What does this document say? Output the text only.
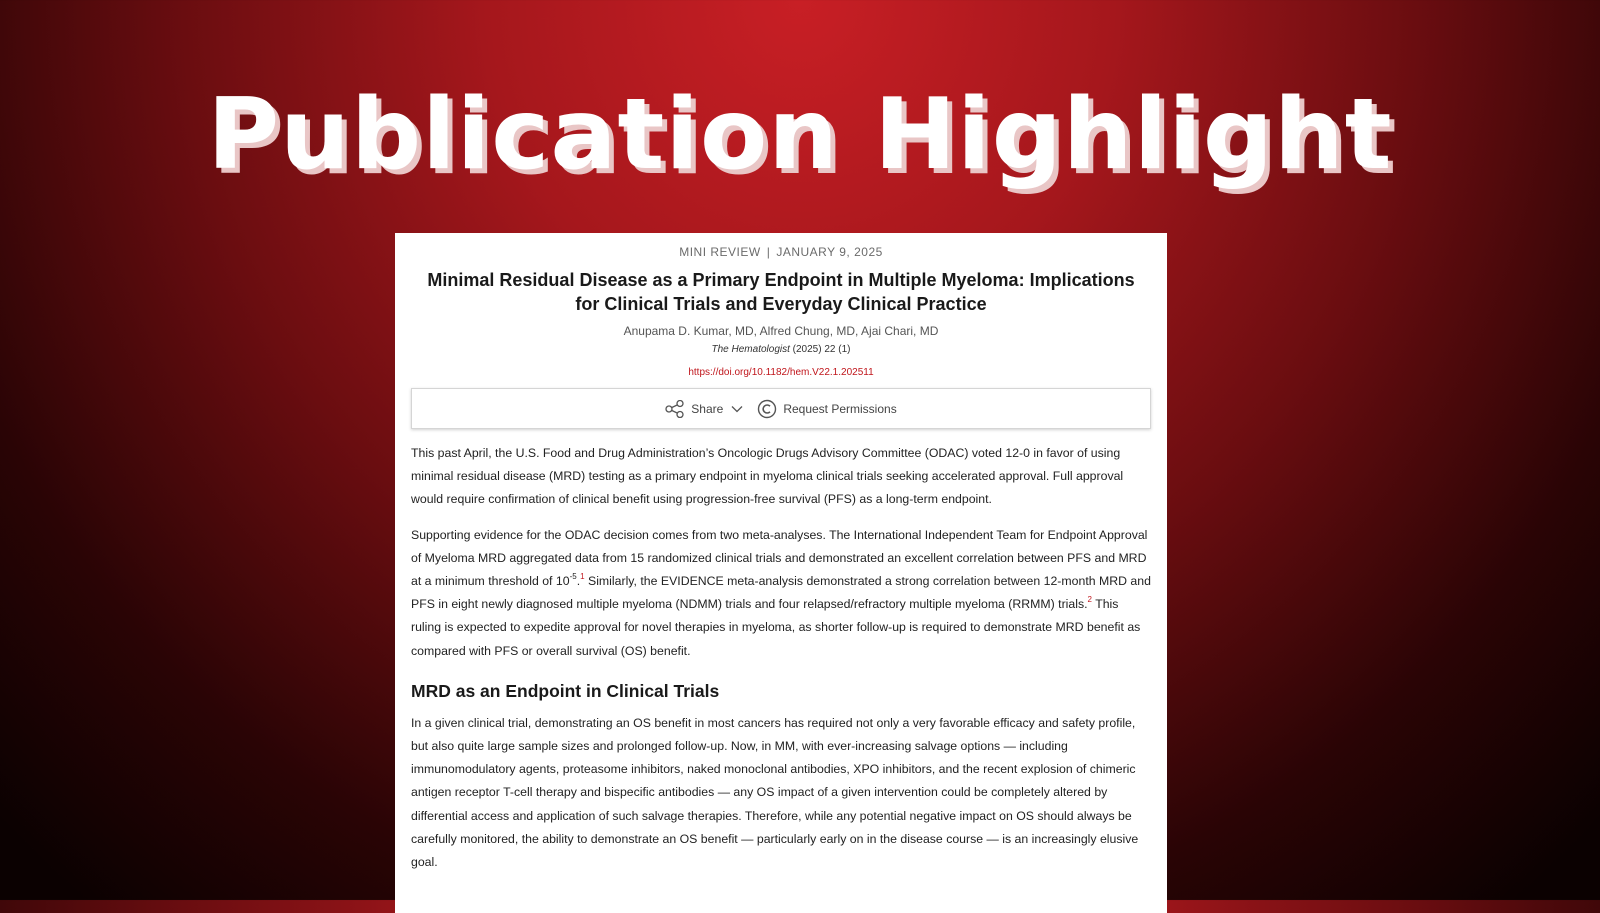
Publication Highlight
MINI REVIEW | JANUARY 9, 2025
Minimal Residual Disease as a Primary Endpoint in Multiple Myeloma: Implications for Clinical Trials and Everyday Clinical Practice
Anupama D. Kumar, MD, Alfred Chung, MD, Ajai Chari, MD
The Hematologist (2025) 22 (1)
https://doi.org/10.1182/hem.V22.1.202511
Share	Request Permissions

This past April, the U.S. Food and Drug Administration’s Oncologic Drugs Advisory Committee (ODAC) voted 12-0 in favor of using minimal residual disease (MRD) testing as a primary endpoint in myeloma clinical trials seeking accelerated approval. Full approval would require confirmation of clinical benefit using progression-free survival (PFS) as a long-term endpoint.

Supporting evidence for the ODAC decision comes from two meta-analyses. The International Independent Team for Endpoint Approval of Myeloma MRD aggregated data from 15 randomized clinical trials and demonstrated an excellent correlation between PFS and MRD at a minimum threshold of $10^{-5}.^1$ Similarly, the EVIDENCE meta-analysis demonstrated a strong correlation between 12-month MRD and PFS in eight newly diagnosed multiple myeloma (NDMM) trials and four relapsed/refractory multiple myeloma (RRMM) trials.$^2$ This ruling is expected to expedite approval for novel therapies in myeloma, as shorter follow-up is required to demonstrate MRD benefit as compared with PFS or overall survival (OS) benefit.

MRD as an Endpoint in Clinical Trials

In a given clinical trial, demonstrating an OS benefit in most cancers has required not only a very favorable efficacy and safety profile, but also quite large sample sizes and prolonged follow-up. Now, in MM, with ever-increasing salvage options — including immunomodulatory agents, proteasome inhibitors, naked monoclonal antibodies, XPO inhibitors, and the recent explosion of chimeric antigen receptor T-cell therapy and bispecific antibodies — any OS impact of a given intervention could be completely altered by differential access and application of such salvage therapies. Therefore, while any potential negative impact on OS should always be carefully monitored, the ability to demonstrate an OS benefit — particularly early on in the disease course — is an increasingly elusive goal.
